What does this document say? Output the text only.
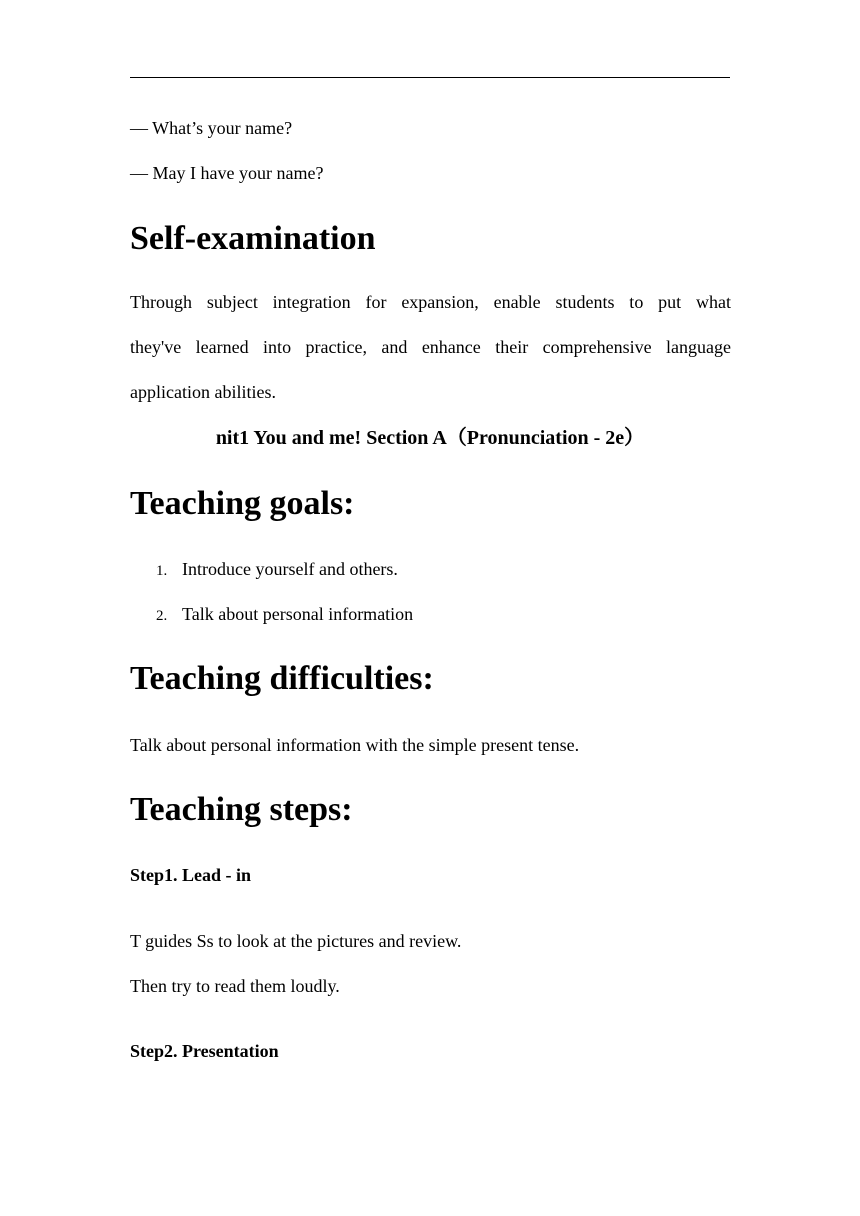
— What’s your name?
— May I have your name?
Self-examination
Through subject integration for expansion, enable students to put what
they've learned into practice, and enhance their comprehensive language
application abilities.
nit1 You and me! Section A（Pronunciation - 2e）
Teaching goals:
1. Introduce yourself and others.
2. Talk about personal information
Teaching difficulties:
Talk about personal information with the simple present tense.
Teaching steps:
Step1. Lead - in
T guides Ss to look at the pictures and review.
Then try to read them loudly.
Step2. Presentation
